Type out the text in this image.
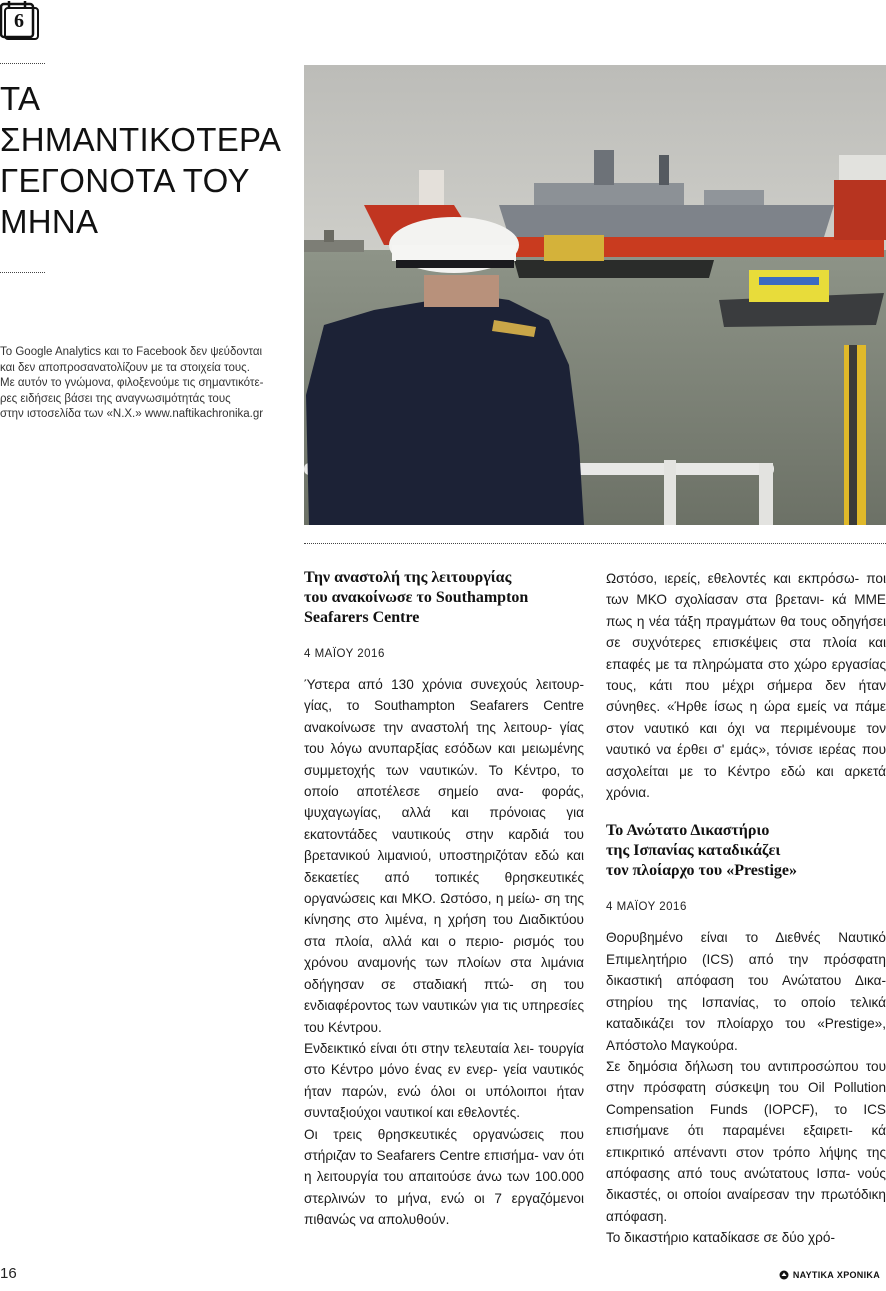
6
ΤΑ
ΣΗΜΑΝΤΙΚΟΤΕΡΑ
ΓΕΓΟΝΟΤΑ ΤΟΥ
ΜΗΝΑ

Το Google Analytics και το Facebook δεν ψεύδονται
και δεν αποπροσανατολίζουν με τα στοιχεία τους.
Με αυτόν το γνώμονα, φιλοξενούμε τις σημαντικότε-
ρες ειδήσεις βάσει της αναγνωσιμότητάς τους
στην ιστοσελίδα των «Ν.Χ.» www.naftikachronika.gr

Την αναστολή της λειτουργίας
του ανακοίνωσε το Southampton
Seafarers Centre
4 ΜΑΪΟΥ 2016

Ύστερα από 130 χρόνια συνεχούς λειτουρ- γίας, το Southampton Seafarers Centre ανακοίνωσε την αναστολή της λειτουρ- γίας του λόγω ανυπαρξίας εσόδων και μειωμένης συμμετοχής των ναυτικών. Το Κέντρο, το οποίο αποτέλεσε σημείο ανα- φοράς, ψυχαγωγίας, αλλά και πρόνοιας για εκατοντάδες ναυτικούς στην καρδιά του βρετανικού λιμανιού, υποστηριζόταν εδώ και δεκαετίες από τοπικές θρησκευτικές οργανώσεις και ΜΚΟ. Ωστόσο, η μείω- ση της κίνησης στο λιμένα, η χρήση του Διαδικτύου στα πλοία, αλλά και ο περιο- ρισμός του χρόνου αναμονής των πλοίων στα λιμάνια οδήγησαν σε σταδιακή πτώ- ση του ενδιαφέροντος των ναυτικών για τις υπηρεσίες του Κέντρου.

Ενδεικτικό είναι ότι στην τελευταία λει- τουργία στο Κέντρο μόνο ένας εν ενερ- γεία ναυτικός ήταν παρών, ενώ όλοι οι υπόλοιποι ήταν συνταξιούχοι ναυτικοί και εθελοντές.

Οι τρεις θρησκευτικές οργανώσεις που στήριζαν το Seafarers Centre επισήμα- ναν ότι η λειτουργία του απαιτούσε άνω των 100.000 στερλινών το μήνα, ενώ οι 7 εργαζόμενοι πιθανώς να απολυθούν.

Ωστόσο, ιερείς, εθελοντές και εκπρόσω- ποι των ΜΚΟ σχολίασαν στα βρετανι- κά ΜΜΕ πως η νέα τάξη πραγμάτων θα τους οδηγήσει σε συχνότερες επισκέψεις στα πλοία και επαφές με τα πληρώματα στο χώρο εργασίας τους, κάτι που μέχρι σήμερα δεν ήταν σύνηθες. «Ήρθε ίσως η ώρα εμείς να πάμε στον ναυτικό και όχι να περιμένουμε τον ναυτικό να έρθει σ' εμάς», τόνισε ιερέας που ασχολείται με το Κέντρο εδώ και αρκετά χρόνια.

Το Ανώτατο Δικαστήριο
της Ισπανίας καταδικάζει
τον πλοίαρχο του «Prestige»
4 ΜΑΪΟΥ 2016

Θορυβημένο είναι το Διεθνές Ναυτικό Επιμελητήριο (ICS) από την πρόσφατη δικαστική απόφαση του Ανώτατου Δικα- στηρίου της Ισπανίας, το οποίο τελικά καταδικάζει τον πλοίαρχο του «Prestige», Απόστολο Μαγκούρα.

Σε δημόσια δήλωση του αντιπροσώπου του στην πρόσφατη σύσκεψη του Oil Pollution Compensation Funds (IOPCF), το ICS επισήμανε ότι παραμένει εξαιρετι- κά επικριτικό απέναντι στον τρόπο λήψης της απόφασης από τους ανώτατους Ισπα- νούς δικαστές, οι οποίοι αναίρεσαν την πρωτόδικη απόφαση.

Το δικαστήριο καταδίκασε σε δύο χρό-

16	ΝΑΥΤΙΚΑ ΧΡΟΝΙΚΑ
